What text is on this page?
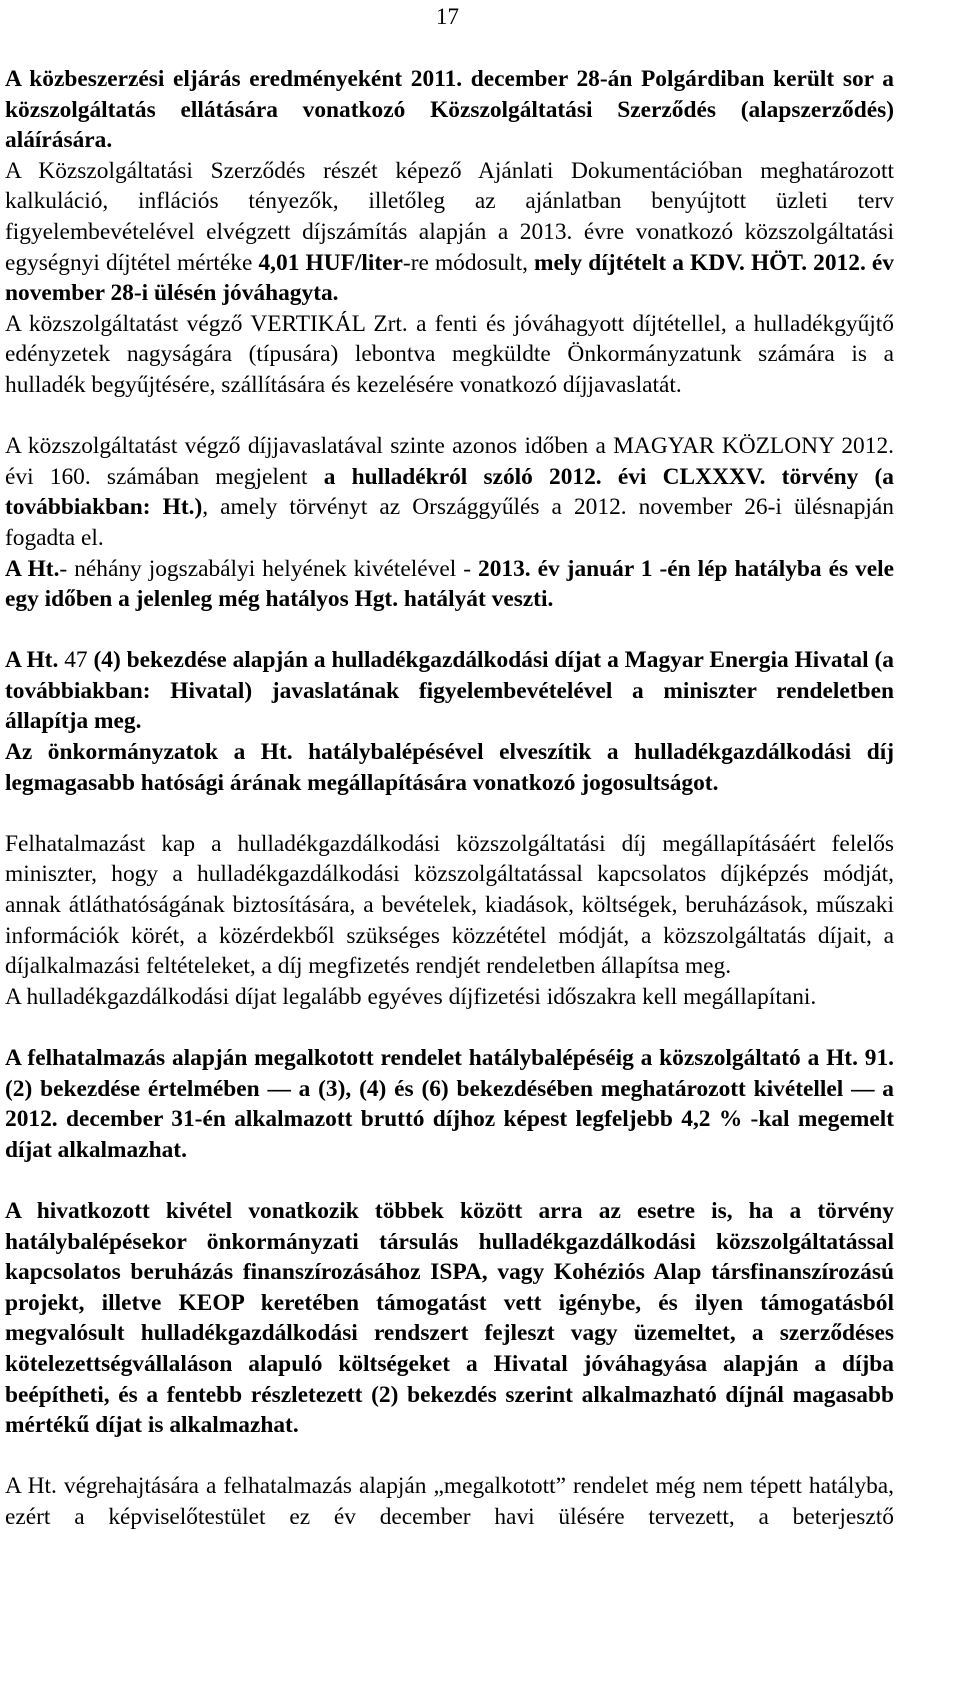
17

A közbeszerzési eljárás eredményeként 2011. december 28-án Polgárdiban került sor a közszolgáltatás ellátására vonatkozó Közszolgáltatási Szerződés (alapszerződés) aláírására.

A Közszolgáltatási Szerződés részét képező Ajánlati Dokumentációban meghatározott kalkuláció, inflációs tényezők, illetőleg az ajánlatban benyújtott üzleti terv figyelembevételével elvégzett díjszámítás alapján a 2013. évre vonatkozó közszolgáltatási egységnyi díjtétel mértéke 4,01 HUF/liter-re módosult, mely díjtételt a KDV. HÖT. 2012. év november 28-i ülésén jóváhagyta.

A közszolgáltatást végző VERTIKÁL Zrt. a fenti és jóváhagyott díjtétellel, a hulladékgyűjtő edényzetek nagyságára (típusára) lebontva megküldte Önkormányzatunk számára is a hulladék begyűjtésére, szállítására és kezelésére vonatkozó díjjavaslatát.

A közszolgáltatást végző díjjavaslatával szinte azonos időben a MAGYAR KÖZLONY 2012. évi 160. számában megjelent a hulladékról szóló 2012. évi CLXXXV. törvény (a továbbiakban: Ht.), amely törvényt az Országgyűlés a 2012. november 26-i ülésnapján fogadta el.

A Ht.- néhány jogszabályi helyének kivételével - 2013. év január 1 -én lép hatályba és vele egy időben a jelenleg még hatályos Hgt. hatályát veszti.

A Ht. 47 (4) bekezdése alapján a hulladékgazdálkodási díjat a Magyar Energia Hivatal (a továbbiakban: Hivatal) javaslatának figyelembevételével a miniszter rendeletben állapítja meg.

Az önkormányzatok a Ht. hatálybalépésével elveszítik a hulladékgazdálkodási díj legmagasabb hatósági árának megállapítására vonatkozó jogosultságot.

Felhatalmazást kap a hulladékgazdálkodási közszolgáltatási díj megállapításáért felelős miniszter, hogy a hulladékgazdálkodási közszolgáltatással kapcsolatos díjképzés módját, annak átláthatóságának biztosítására, a bevételek, kiadások, költségek, beruházások, műszaki információk körét, a közérdekből szükséges közzététel módját, a közszolgáltatás díjait, a díjalkalmazási feltételeket, a díj megfizetés rendjét rendeletben állapítsa meg.

A hulladékgazdálkodási díjat legalább egyéves díjfizetési időszakra kell megállapítani.

A felhatalmazás alapján megalkotott rendelet hatálybalépéséig a közszolgáltató a Ht. 91. (2) bekezdése értelmében — a (3), (4) és (6) bekezdésében meghatározott kivétellel — a 2012. december 31-én alkalmazott bruttó díjhoz képest legfeljebb 4,2 % -kal megemelt díjat alkalmazhat.

A hivatkozott kivétel vonatkozik többek között arra az esetre is, ha a törvény hatálybalépésekor önkormányzati társulás hulladékgazdálkodási közszolgáltatással kapcsolatos beruházás finanszírozásához ISPA, vagy Kohéziós Alap társfinanszírozású projekt, illetve KEOP keretében támogatást vett igénybe, és ilyen támogatásból megvalósult hulladékgazdálkodási rendszert fejleszt vagy üzemeltet, a szerződéses kötelezettségvállaláson alapuló költségeket a Hivatal jóváhagyása alapján a díjba beépítheti, és a fentebb részletezett (2) bekezdés szerint alkalmazható díjnál magasabb mértékű díjat is alkalmazhat.

A Ht. végrehajtására a felhatalmazás alapján „megalkotott” rendelet még nem tépett hatályba, ezért a képviselőtestület ez év december havi ülésére tervezett, a beterjesztő
